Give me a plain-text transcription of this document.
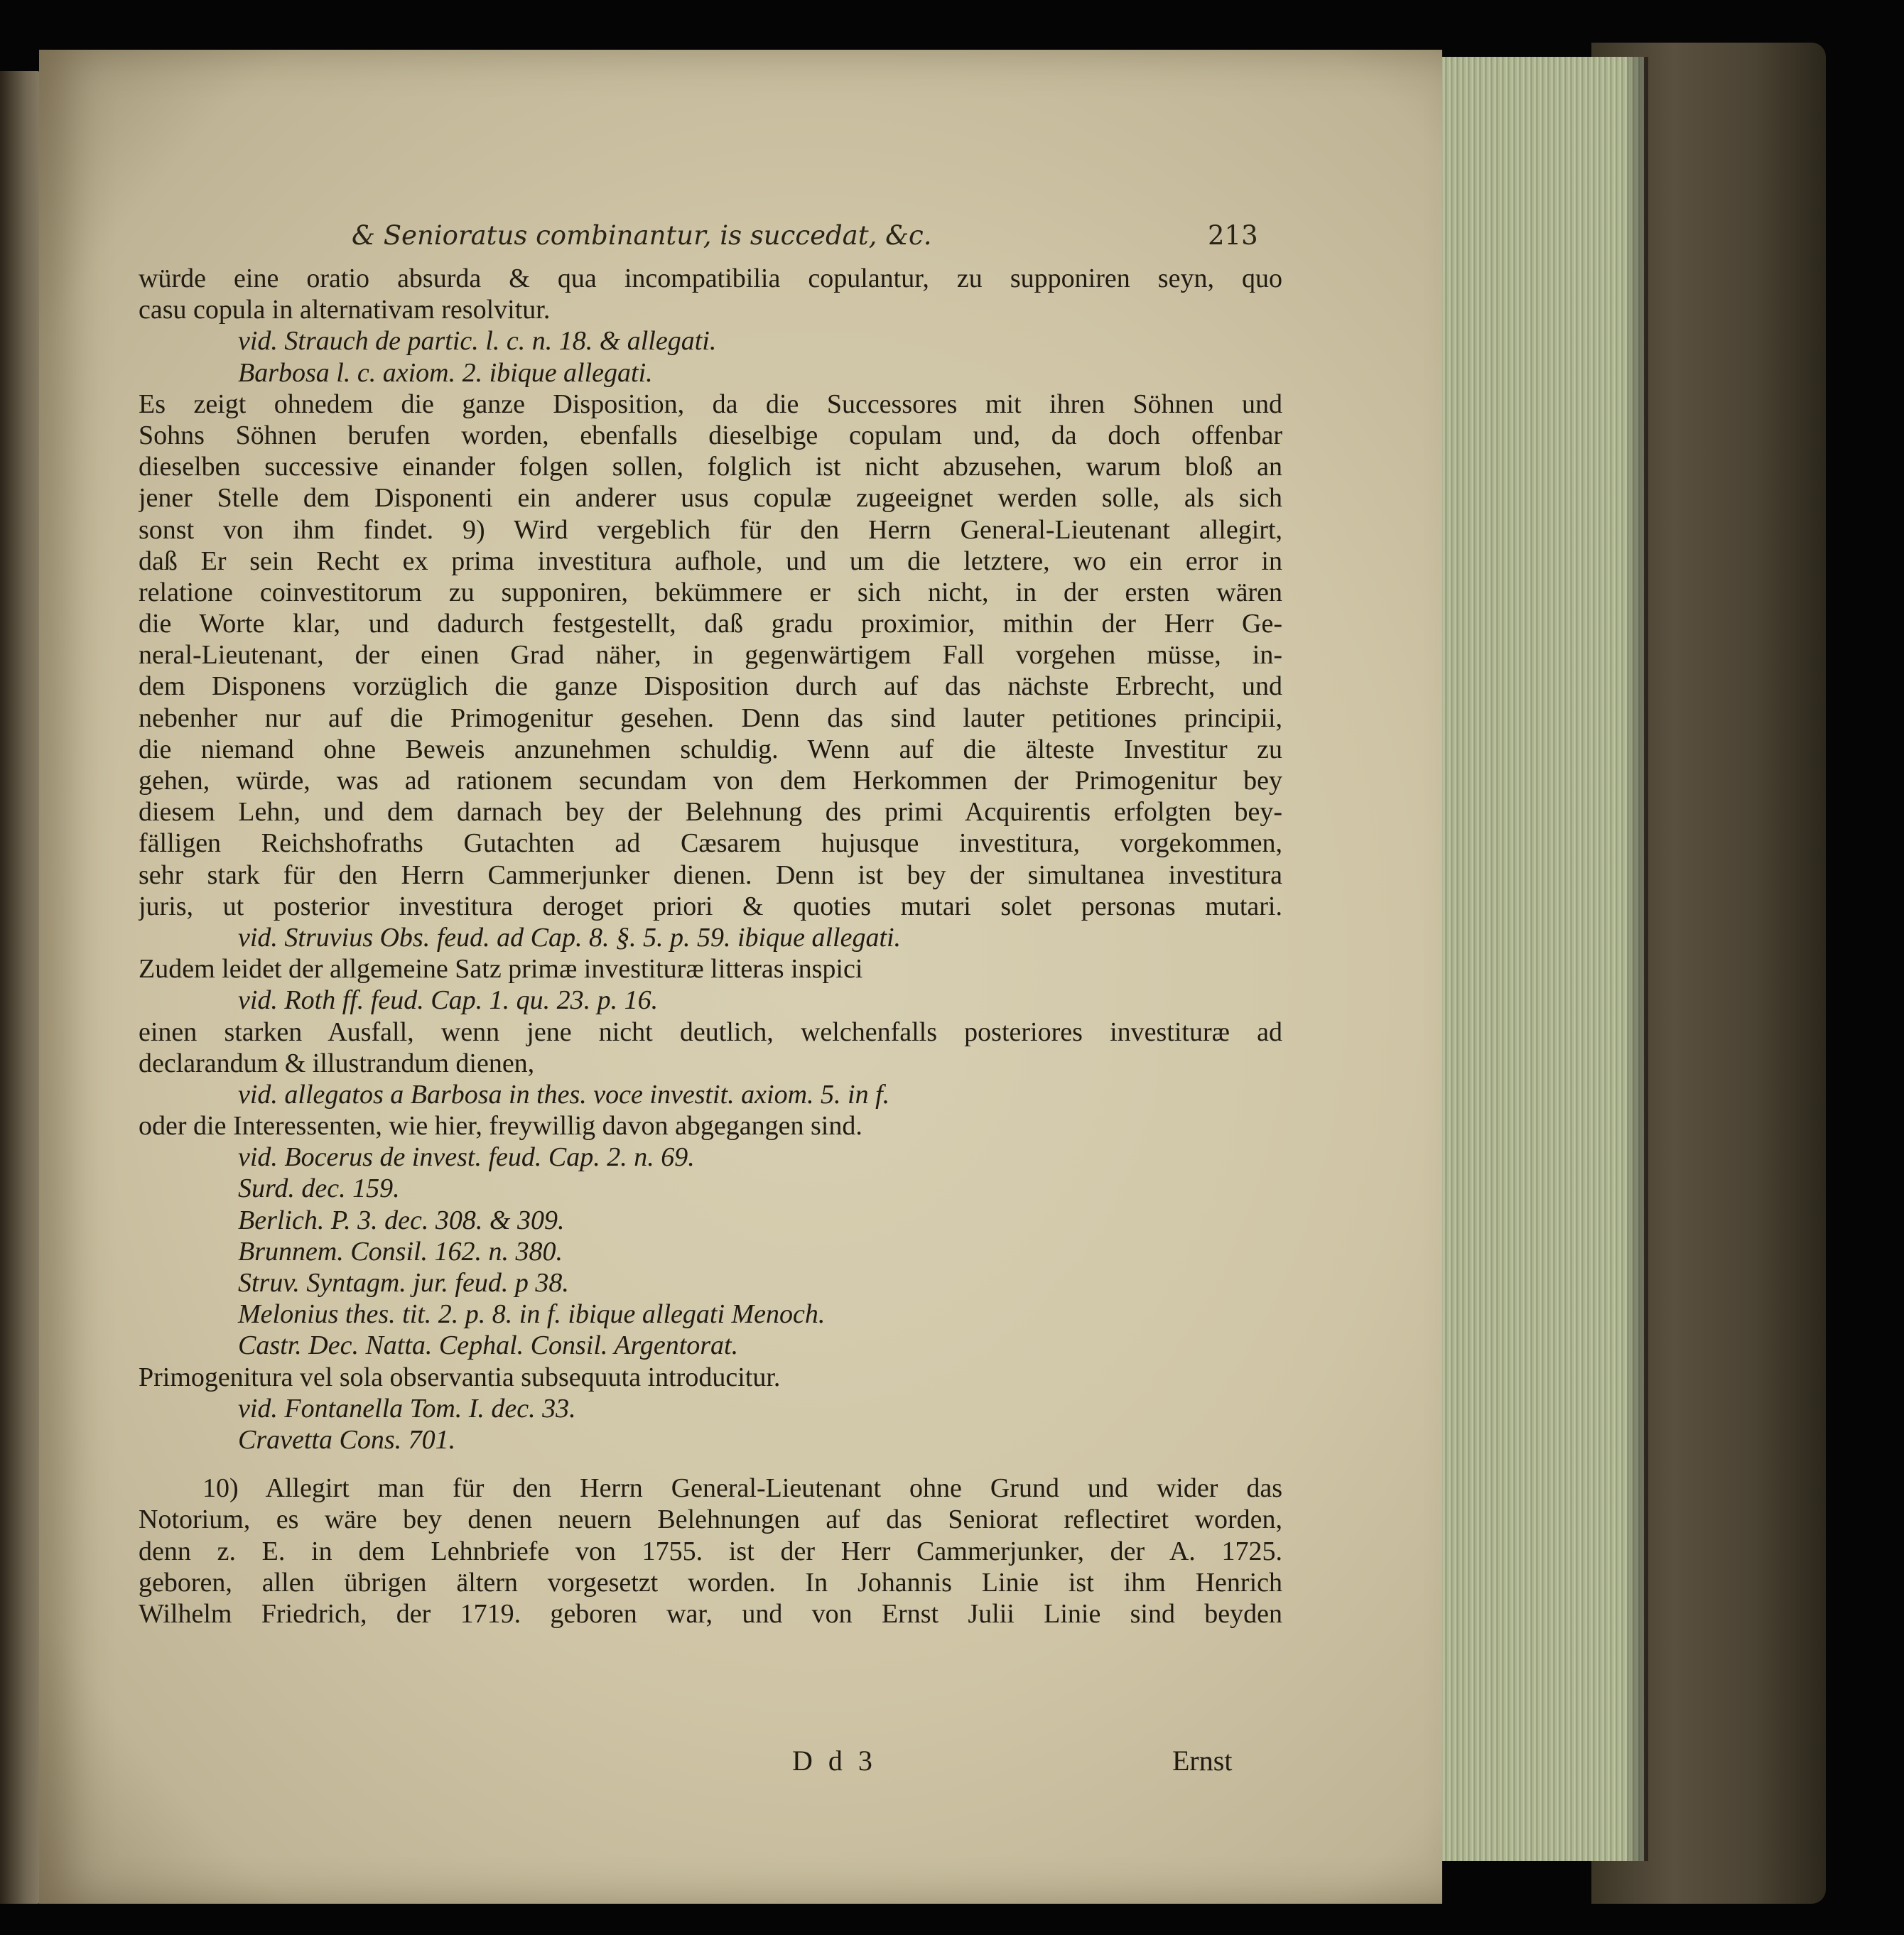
& Senioratus combinantur, is succedat, &c.	213
würde eine oratio absurda & qua incompatibilia copulantur, zu supponiren seyn, quo
casu copula in alternativam resolvitur.
vid. Strauch de partic. l. c. n. 18. & allegati.
Barbosa l. c. axiom. 2. ibique allegati.
Es zeigt ohnedem die ganze Disposition, da die Successores mit ihren Söhnen und
Sohns Söhnen berufen worden, ebenfalls dieselbige copulam und, da doch offenbar
dieselben successive einander folgen sollen, folglich ist nicht abzusehen, warum bloß an
jener Stelle dem Disponenti ein anderer usus copulæ zugeeignet werden solle, als sich
sonst von ihm findet. 9) Wird vergeblich für den Herrn General-Lieutenant allegirt,
daß Er sein Recht ex prima investitura aufhole, und um die letztere, wo ein error in
relatione coinvestitorum zu supponiren, bekümmere er sich nicht, in der ersten wären
die Worte klar, und dadurch festgestellt, daß gradu proximior, mithin der Herr Ge-
neral-Lieutenant, der einen Grad näher, in gegenwärtigem Fall vorgehen müsse, in-
dem Disponens vorzüglich die ganze Disposition durch auf das nächste Erbrecht, und
nebenher nur auf die Primogenitur gesehen. Denn das sind lauter petitiones principii,
die niemand ohne Beweis anzunehmen schuldig. Wenn auf die älteste Investitur zu
gehen, würde, was ad rationem secundam von dem Herkommen der Primogenitur bey
diesem Lehn, und dem darnach bey der Belehnung des primi Acquirentis erfolgten bey-
fälligen Reichshofraths Gutachten ad Cæsarem hujusque investitura, vorgekommen,
sehr stark für den Herrn Cammerjunker dienen. Denn ist bey der simultanea investitura
juris, ut posterior investitura deroget priori & quoties mutari solet personas mutari.
vid. Struvius Obs. feud. ad Cap. 8. §. 5. p. 59. ibique allegati.
Zudem leidet der allgemeine Satz primæ investituræ litteras inspici
vid. Roth ff. feud. Cap. 1. qu. 23. p. 16.
einen starken Ausfall, wenn jene nicht deutlich, welchenfalls posteriores investituræ ad
declarandum & illustrandum dienen,
vid. allegatos a Barbosa in thes. voce investit. axiom. 5. in f.
oder die Interessenten, wie hier, freywillig davon abgegangen sind.
vid. Bocerus de invest. feud. Cap. 2. n. 69.
Surd. dec. 159.
Berlich. P. 3. dec. 308. & 309.
Brunnem. Consil. 162. n. 380.
Struv. Syntagm. jur. feud. p 38.
Melonius thes. tit. 2. p. 8. in f. ibique allegati Menoch.
Castr. Dec. Natta. Cephal. Consil. Argentorat.
Primogenitura vel sola observantia subsequuta introducitur.
vid. Fontanella Tom. I. dec. 33.
Cravetta Cons. 701.
10) Allegirt man für den Herrn General-Lieutenant ohne Grund und wider das
Notorium, es wäre bey denen neuern Belehnungen auf das Seniorat reflectiret worden,
denn z. E. in dem Lehnbriefe von 1755. ist der Herr Cammerjunker, der A. 1725.
geboren, allen übrigen ältern vorgesetzt worden. In Johannis Linie ist ihm Henrich
Wilhelm Friedrich, der 1719. geboren war, und von Ernst Julii Linie sind beyden
D d 3	Ernst
